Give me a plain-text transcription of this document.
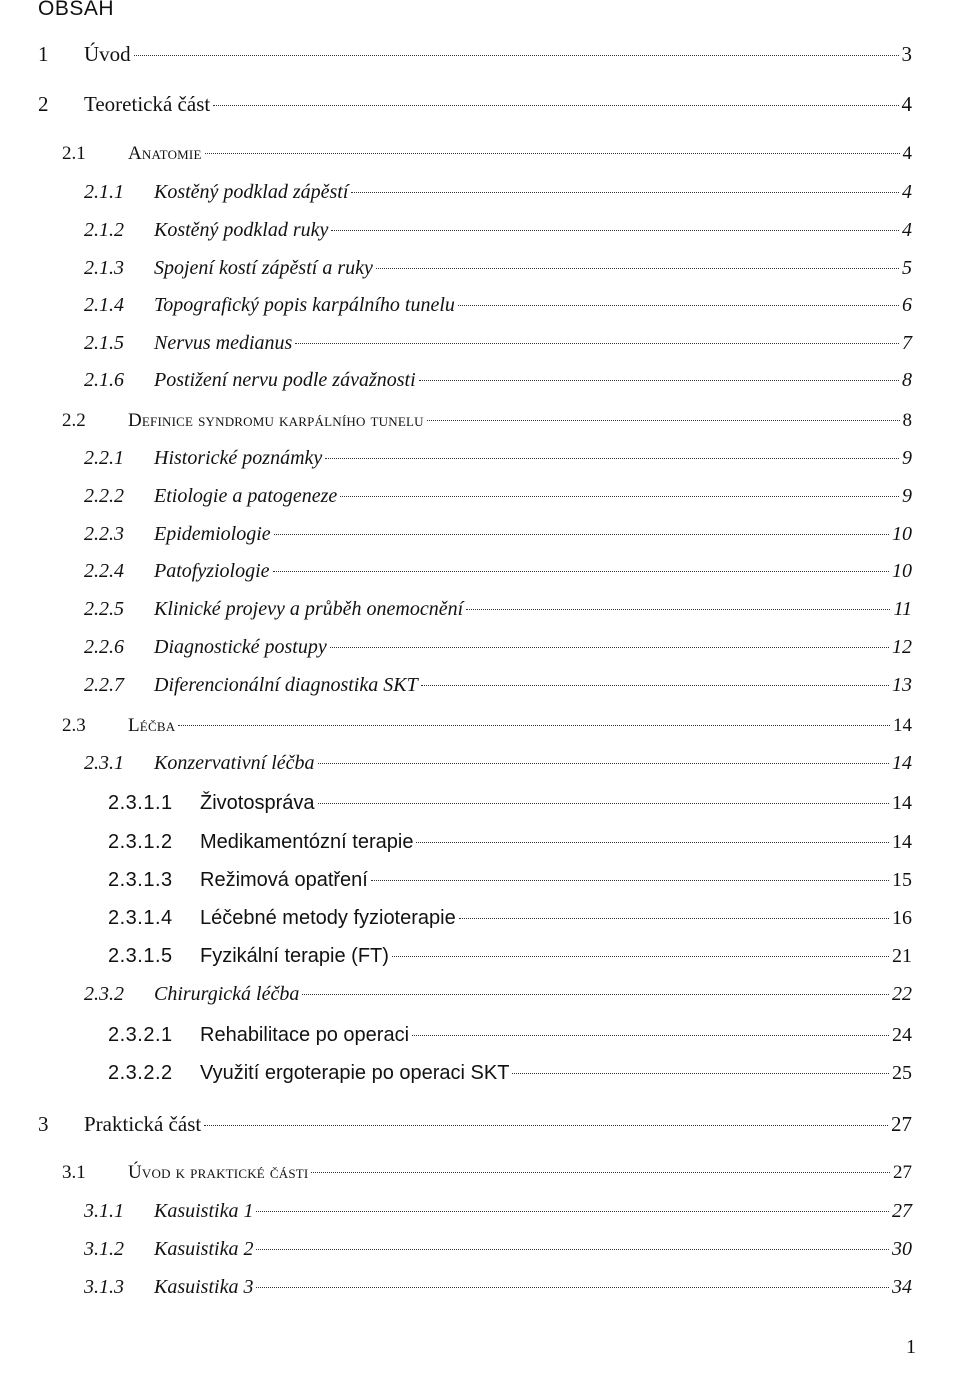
OBSAH
1	Úvod	3
2	Teoretická část	4
2.1	Anatomie	4
2.1.1	Kostěný podklad zápěstí	4
2.1.2	Kostěný podklad ruky	4
2.1.3	Spojení kostí zápěstí a ruky	5
2.1.4	Topografický popis karpálního tunelu	6
2.1.5	Nervus medianus	7
2.1.6	Postižení nervu podle závažnosti	8
2.2	Definice syndromu karpálního tunelu	8
2.2.1	Historické poznámky	9
2.2.2	Etiologie a patogeneze	9
2.2.3	Epidemiologie	10
2.2.4	Patofyziologie	10
2.2.5	Klinické projevy a průběh onemocnění	11
2.2.6	Diagnostické postupy	12
2.2.7	Diferencionální diagnostika SKT	13
2.3	Léčba	14
2.3.1	Konzervativní léčba	14
2.3.1.1	Životospráva	14
2.3.1.2	Medikamentózní terapie	14
2.3.1.3	Režimová opatření	15
2.3.1.4	Léčebné metody fyzioterapie	16
2.3.1.5	Fyzikální terapie (FT)	21
2.3.2	Chirurgická léčba	22
2.3.2.1	Rehabilitace po operaci	24
2.3.2.2	Využití ergoterapie po operaci SKT	25
3	Praktická část	27
3.1	Úvod k praktické části	27
3.1.1	Kasuistika 1	27
3.1.2	Kasuistika 2	30
3.1.3	Kasuistika 3	34
1
